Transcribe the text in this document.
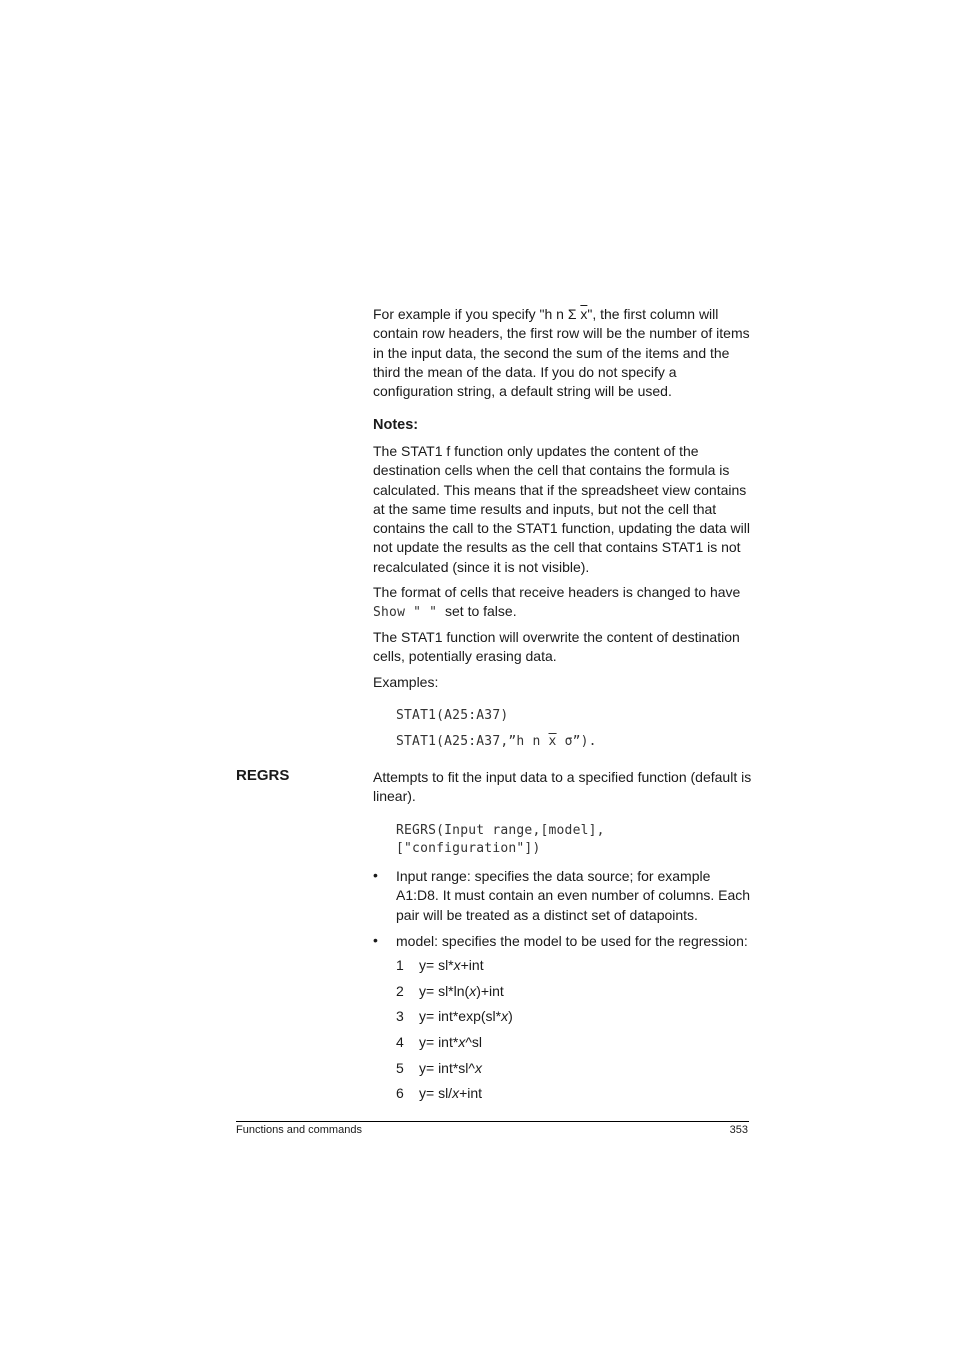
For example if you specify "h n Σ $\overline{x}$", the first column will contain row headers, the first row will be the number of items in the input data, the second the sum of the items and the third the mean of the data. If you do not specify a configuration string, a default string will be used.
Notes:
The STAT1 f function only updates the content of the destination cells when the cell that contains the formula is calculated. This means that if the spreadsheet view contains at the same time results and inputs, but not the cell that contains the call to the STAT1 function, updating the data will not update the results as the cell that contains STAT1 is not recalculated (since it is not visible).
The format of cells that receive headers is changed to have
Show " " set to false.
The STAT1 function will overwrite the content of destination cells, potentially erasing data.
Examples:
STAT1(A25:A37)
STAT1(A25:A37,”h n $\overline{x}$ σ”).
REGRS	Attempts to fit the input data to a specified function (default is linear).
REGRS(Input range,[model],
["configuration"])
• Input range: specifies the data source; for example A1:D8. It must contain an even number of columns. Each pair will be treated as a distinct set of datapoints.
• model: specifies the model to be used for the regression:
1 y= sl*x+int
2 y= sl*ln(x)+int
3 y= int*exp(sl*x)
4 y= int*x^sl
5 y= int*sl^x
6 y= sl/x+int
Functions and commands	353
